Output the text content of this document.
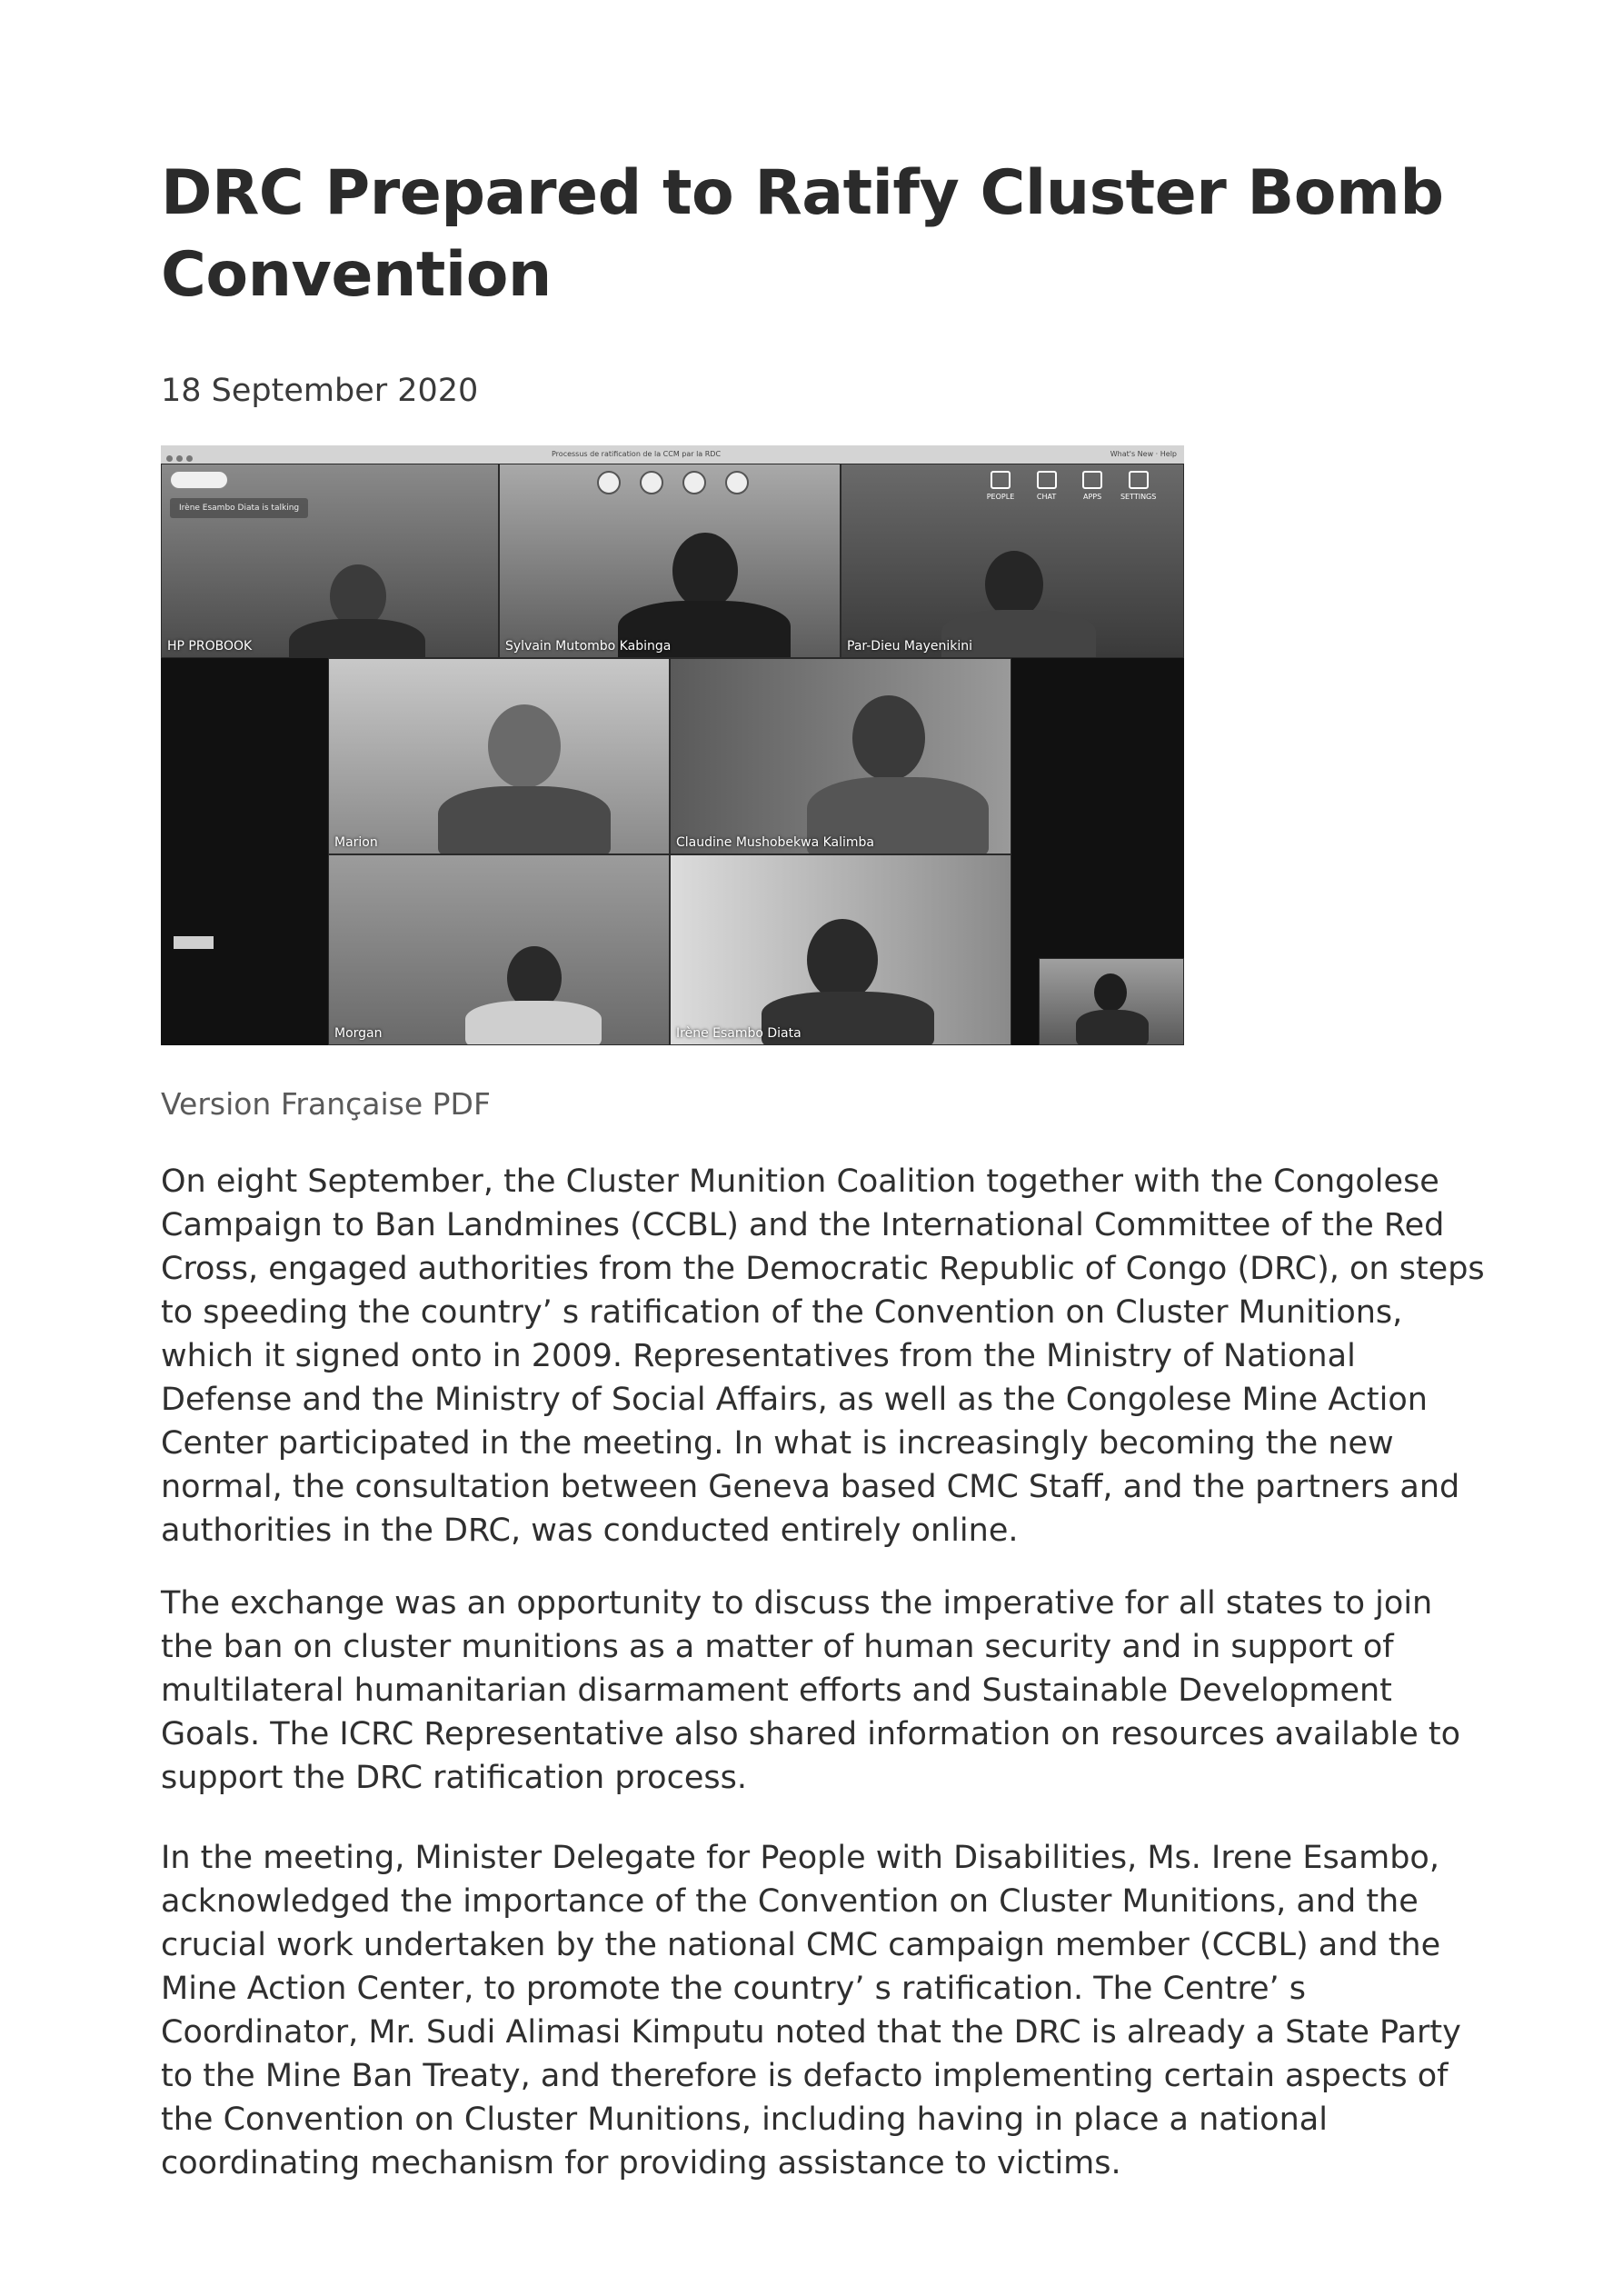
DRC Prepared to Ratify Cluster Bomb Convention

18 September 2020

Processus de ratification de la CCM par la RDC	What's New · Help
HP PROBOOK	Sylvain Mutombo Kabinga	Par-Dieu Mayenikini
Irène Esambo Diata is talking

PEOPLE	CHAT	APPS	SETTINGS
Marion	Claudine Mushobekwa Kalimba
Morgan	Irène Esambo Diata

Version Française PDF

On eight September, the Cluster Munition Coalition together with the Congolese Campaign to Ban Landmines (CCBL) and the International Committee of the Red Cross, engaged authorities from the Democratic Republic of Congo (DRC), on steps to speeding the country’ s ratification of the Convention on Cluster Munitions, which it signed onto in 2009. Representatives from the Ministry of National Defense and the Ministry of Social Affairs, as well as the Congolese Mine Action Center participated in the meeting. In what is increasingly becoming the new normal, the consultation between Geneva based CMC Staff, and the partners and authorities in the DRC, was conducted entirely online.

The exchange was an opportunity to discuss the imperative for all states to join the ban on cluster munitions as a matter of human security and in support of multilateral humanitarian disarmament efforts and Sustainable Development Goals. The ICRC Representative also shared information on resources available to support the DRC ratification process.

In the meeting, Minister Delegate for People with Disabilities, Ms. Irene Esambo, acknowledged the importance of the Convention on Cluster Munitions, and the crucial work undertaken by the national CMC campaign member (CCBL) and the Mine Action Center, to promote the country’ s ratification. The Centre’ s Coordinator, Mr. Sudi Alimasi Kimputu noted that the DRC is already a State Party to the Mine Ban Treaty, and therefore is defacto implementing certain aspects of the Convention on Cluster Munitions, including having in place a national coordinating mechanism for providing assistance to victims.
